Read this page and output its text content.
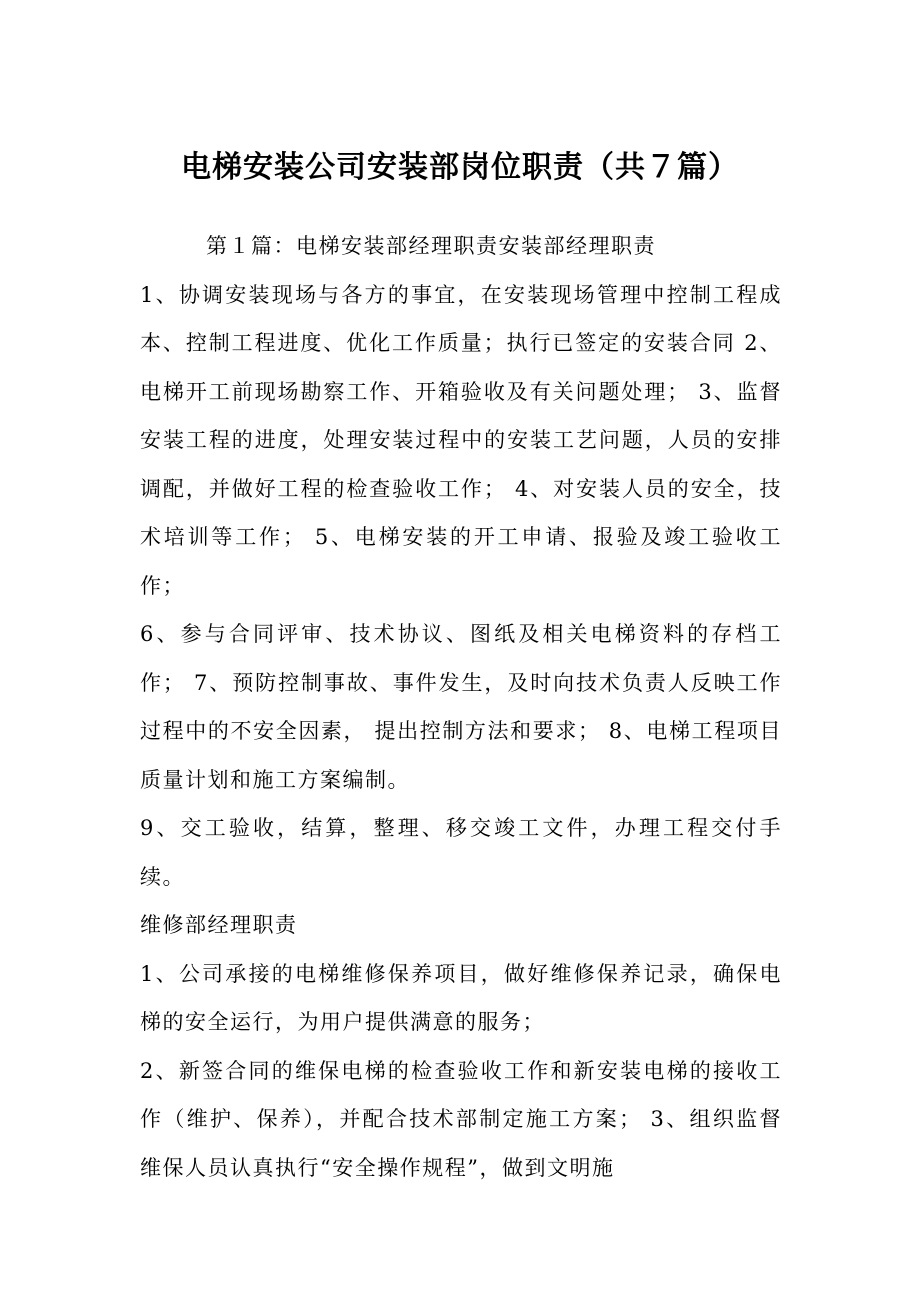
电梯安装公司安装部岗位职责（共７篇）

第１篇：电梯安装部经理职责安装部经理职责

1、协调安装现场与各方的事宜，在安装现场管理中控制工程成本、控制工程进度、优化工作质量；执行已签定的安装合同 2、电梯开工前现场勘察工作、开箱验收及有关问题处理； 3、监督安装工程的进度，处理安装过程中的安装工艺问题，人员的安排调配，并做好工程的检查验收工作； 4、对安装人员的安全，技术培训等工作； 5、电梯安装的开工申请、报验及竣工验收工作；

6、参与合同评审、技术协议、图纸及相关电梯资料的存档工作； 7、预防控制事故、事件发生，及时向技术负责人反映工作过程中的不安全因素， 提出控制方法和要求； 8、电梯工程项目质量计划和施工方案编制。

9、交工验收，结算，整理、移交竣工文件，办理工程交付手续。

维修部经理职责

1、公司承接的电梯维修保养项目，做好维修保养记录，确保电梯的安全运行，为用户提供满意的服务；

2、新签合同的维保电梯的检查验收工作和新安装电梯的接收工作（维护、保养），并配合技术部制定施工方案； 3、组织监督维保人员认真执行“安全操作规程”，做到文明施
